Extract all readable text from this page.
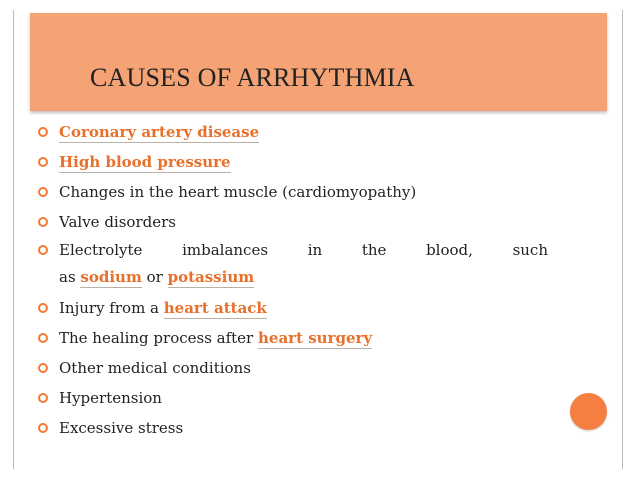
CAUSES OF ARRHYTHMIA
Coronary artery disease
High blood pressure
Changes in the heart muscle (cardiomyopathy)
Valve disorders
Electrolyte	imbalances	in	the	blood,	such
as sodium or potassium
Injury from a heart attack
The healing process after heart surgery
Other medical conditions
Hypertension
Excessive stress
